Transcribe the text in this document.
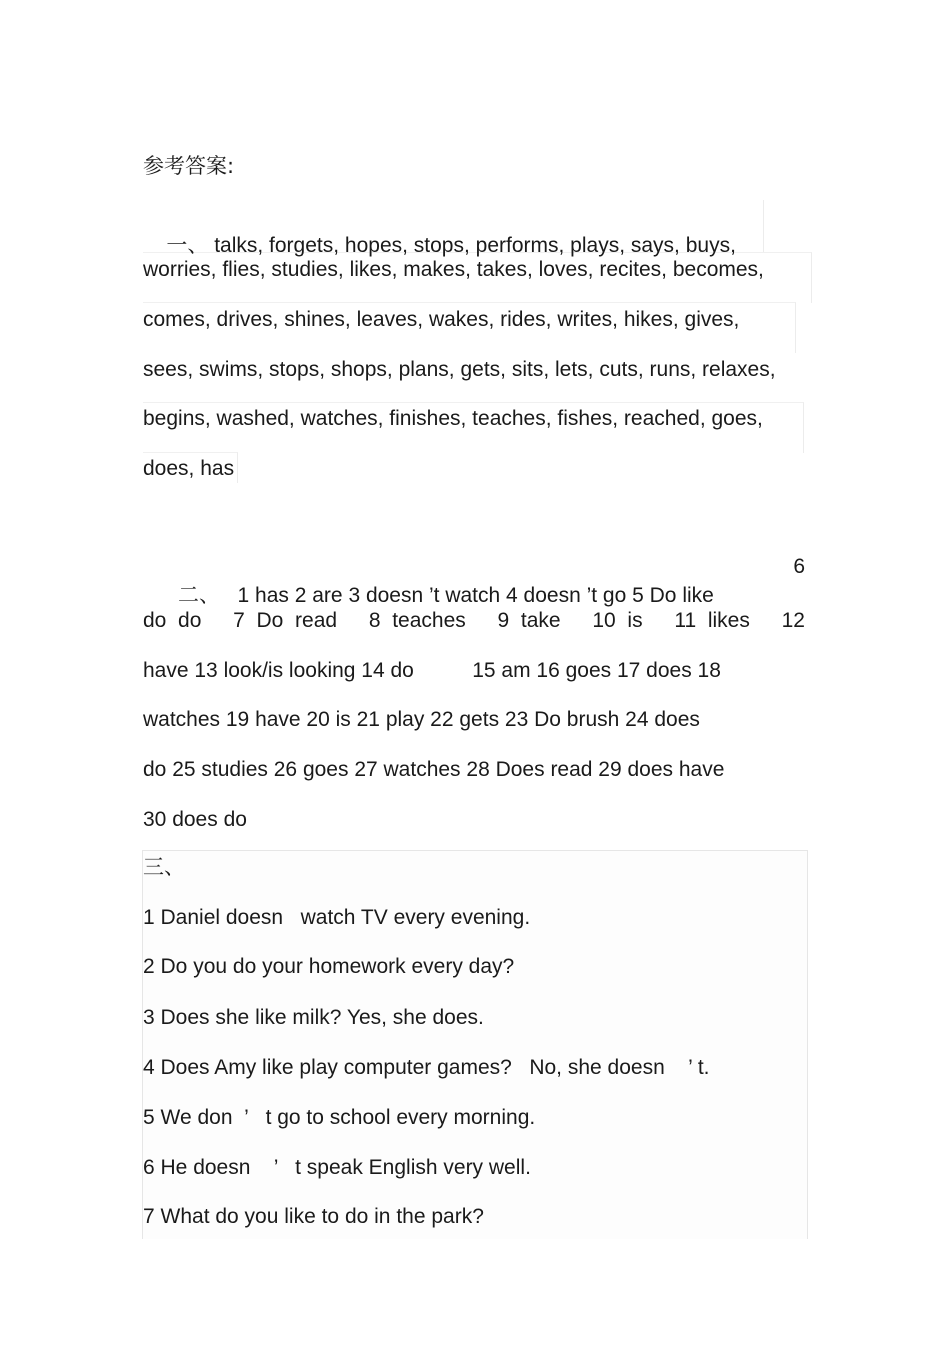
参考答案:

一、 talks, forgets, hopes, stops, performs, plays, says, buys,

worries, flies, studies, likes, makes, takes, loves, recites, becomes,
comes, drives, shines, leaves, wakes, rides, writes, hikes, gives,
sees, swims, stops, shops, plans, gets, sits, lets, cuts, runs, relaxes,
begins, washed, watches, finishes, teaches, fishes, reached, goes,
does, has

二、 1 has 2 are 3 doesn ’t watch 4 doesn ’t go 5 Do like

6
do  do 7  Do  read 8  teaches 9  take 10  is 11  likes 12
have 13 look/is looking 14 do          15 am 16 goes 17 does 18
watches 19 have 20 is 21 play 22 gets 23 Do brush 24 does
do 25 studies 26 goes 27 watches 28 Does read 29 does have
30 does do
三、
1 Daniel doesn   watch TV every evening.
2 Do you do your homework every day?
3 Does she like milk? Yes, she does.
4 Does Amy like play computer games?   No, she doesn    ’ t.
5 We don  ’   t go to school every morning.
6 He doesn    ’   t speak English very well.
7 What do you like to do in the park?
